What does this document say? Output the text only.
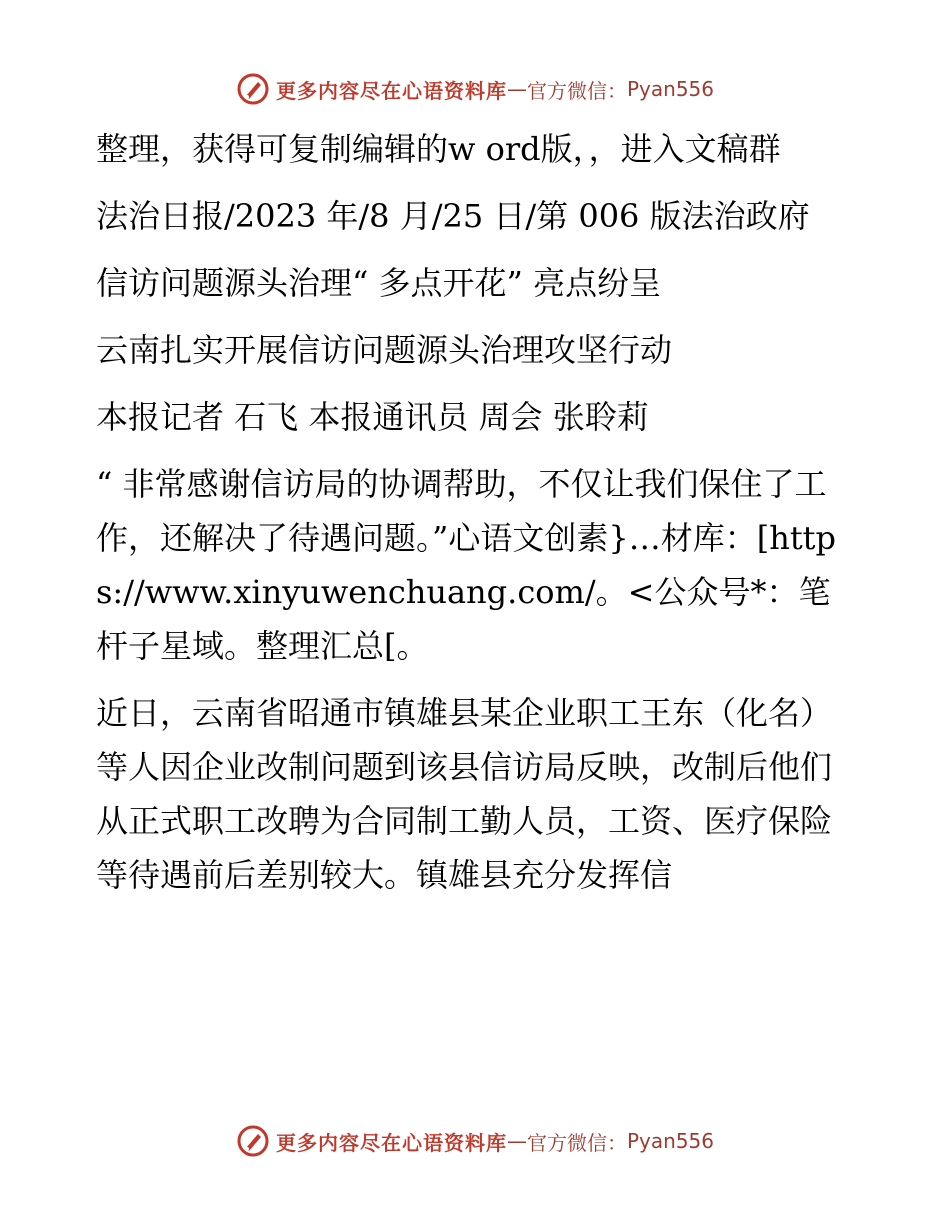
更多内容尽在心语资料库 — 官方微信： Pyan556

整理，获得可复制编辑的w ord版，，进入文稿群

法治日报/2023 年/8 月/25 日/第 006 版法治政府

信访问题源头治理“ 多点开花” 亮点纷呈

云南扎实开展信访问题源头治理攻坚行动

本报记者 石飞 本报通讯员 周会 张聆莉

“ 非常感谢信访局的协调帮助，不仅让我们保住了工作，还解决了待遇问题。”心语文创素}…材库：[https://www.xinyuwenchuang.com/。<公众号*：笔杆子星域。整理汇总[。

近日，云南省昭通市镇雄县某企业职工王东（化名）等人因企业改制问题到该县信访局反映，改制后他们从正式职工改聘为合同制工勤人员，工资、医疗保险等待遇前后差别较大。镇雄县充分发挥信

更多内容尽在心语资料库 — 官方微信： Pyan556
